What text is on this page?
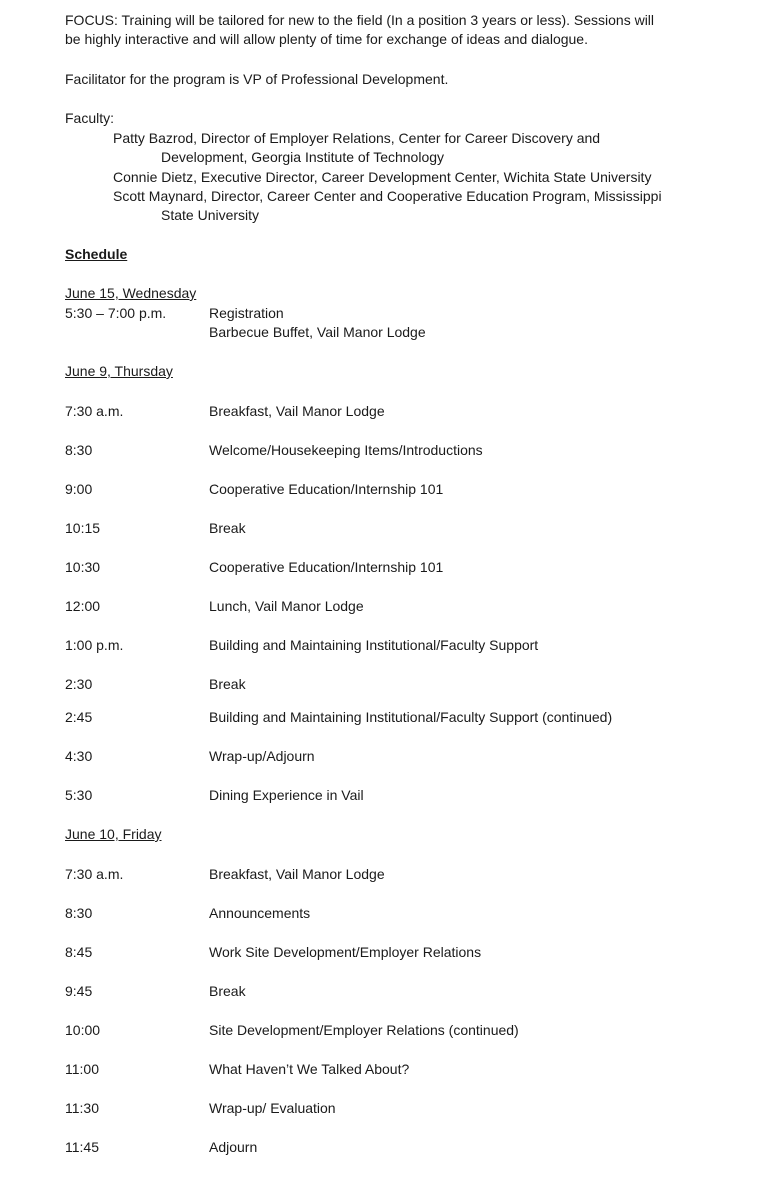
FOCUS: Training will be tailored for new to the field (In a position 3 years or less). Sessions will
be highly interactive and will allow plenty of time for exchange of ideas and dialogue.
Facilitator for the program is VP of Professional Development.
Faculty:
Patty Bazrod, Director of Employer Relations, Center for Career Discovery and
Development, Georgia Institute of Technology
Connie Dietz, Executive Director, Career Development Center, Wichita State University
Scott Maynard, Director, Career Center and Cooperative Education Program, Mississippi
State University
Schedule
June 15, Wednesday
5:30 – 7:00 p.m.	Registration
Barbecue Buffet, Vail Manor Lodge
June 9, Thursday
7:30 a.m.	Breakfast, Vail Manor Lodge
8:30	Welcome/Housekeeping Items/Introductions
9:00	Cooperative Education/Internship 101
10:15	Break
10:30	Cooperative Education/Internship 101
12:00	Lunch, Vail Manor Lodge
1:00 p.m.	Building and Maintaining Institutional/Faculty Support
2:30	Break
2:45	Building and Maintaining Institutional/Faculty Support (continued)
4:30	Wrap-up/Adjourn
5:30	Dining Experience in Vail
June 10, Friday
7:30 a.m.	Breakfast, Vail Manor Lodge
8:30	Announcements
8:45	Work Site Development/Employer Relations
9:45	Break
10:00	Site Development/Employer Relations (continued)
11:00	What Haven’t We Talked About?
11:30	Wrap-up/ Evaluation
11:45	Adjourn
